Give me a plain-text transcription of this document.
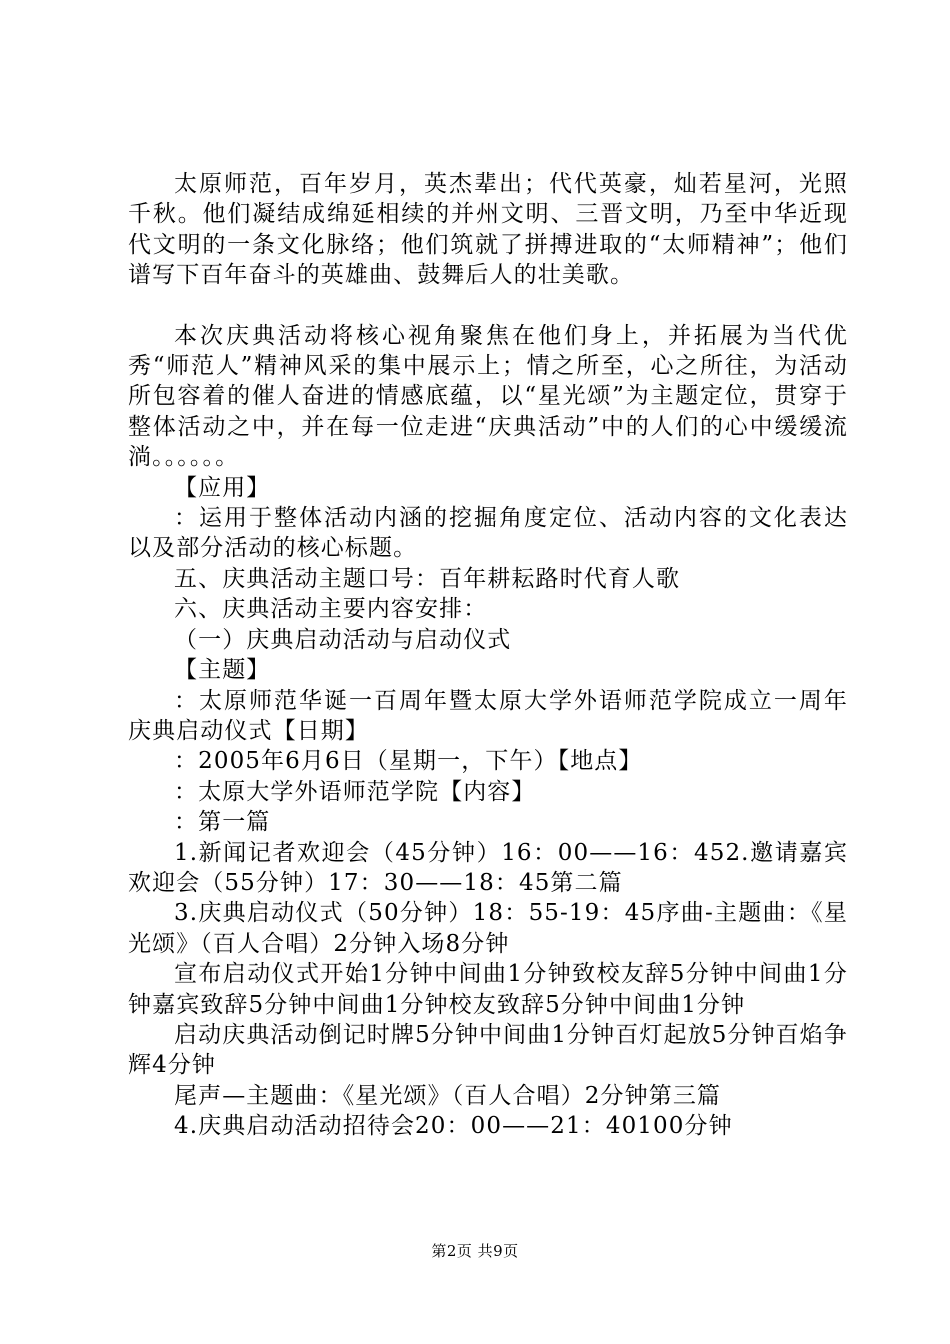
太原师范，百年岁月，英杰辈出；代代英豪，灿若星河，光照千秋。他们凝结成绵延相续的并州文明、三晋文明，乃至中华近现代文明的一条文化脉络；他们筑就了拼搏进取的“太师精神”；他们谱写下百年奋斗的英雄曲、鼓舞后人的壮美歌。

本次庆典活动将核心视角聚焦在他们身上，并拓展为当代优秀“师范人”精神风采的集中展示上；情之所至，心之所往，为活动所包容着的催人奋进的情感底蕴，以“星光颂”为主题定位，贯穿于整体活动之中，并在每一位走进“庆典活动”中的人们的心中缓缓流淌。。。。。。

【应用】

：运用于整体活动内涵的挖掘角度定位、活动内容的文化表达以及部分活动的核心标题。

五、庆典活动主题口号：百年耕耘路时代育人歌

六、庆典活动主要内容安排：

（一）庆典启动活动与启动仪式

【主题】

：太原师范华诞一百周年暨太原大学外语师范学院成立一周年庆典启动仪式【日期】

：2005年6月6日（星期一，下午）【地点】

：太原大学外语师范学院【内容】

：第一篇

1.新闻记者欢迎会（45分钟）16：00——16：452.邀请嘉宾欢迎会（55分钟）17：30——18：45第二篇

3.庆典启动仪式（50分钟）18：55-19：45序曲-主题曲：《星光颂》（百人合唱）2分钟入场8分钟

宣布启动仪式开始1分钟中间曲1分钟致校友辞5分钟中间曲1分钟嘉宾致辞5分钟中间曲1分钟校友致辞5分钟中间曲1分钟

启动庆典活动倒记时牌5分钟中间曲1分钟百灯起放5分钟百焰争辉4分钟

尾声—主题曲：《星光颂》（百人合唱）2分钟第三篇

4.庆典启动活动招待会20：00——21：40100分钟

第2页 共9页
